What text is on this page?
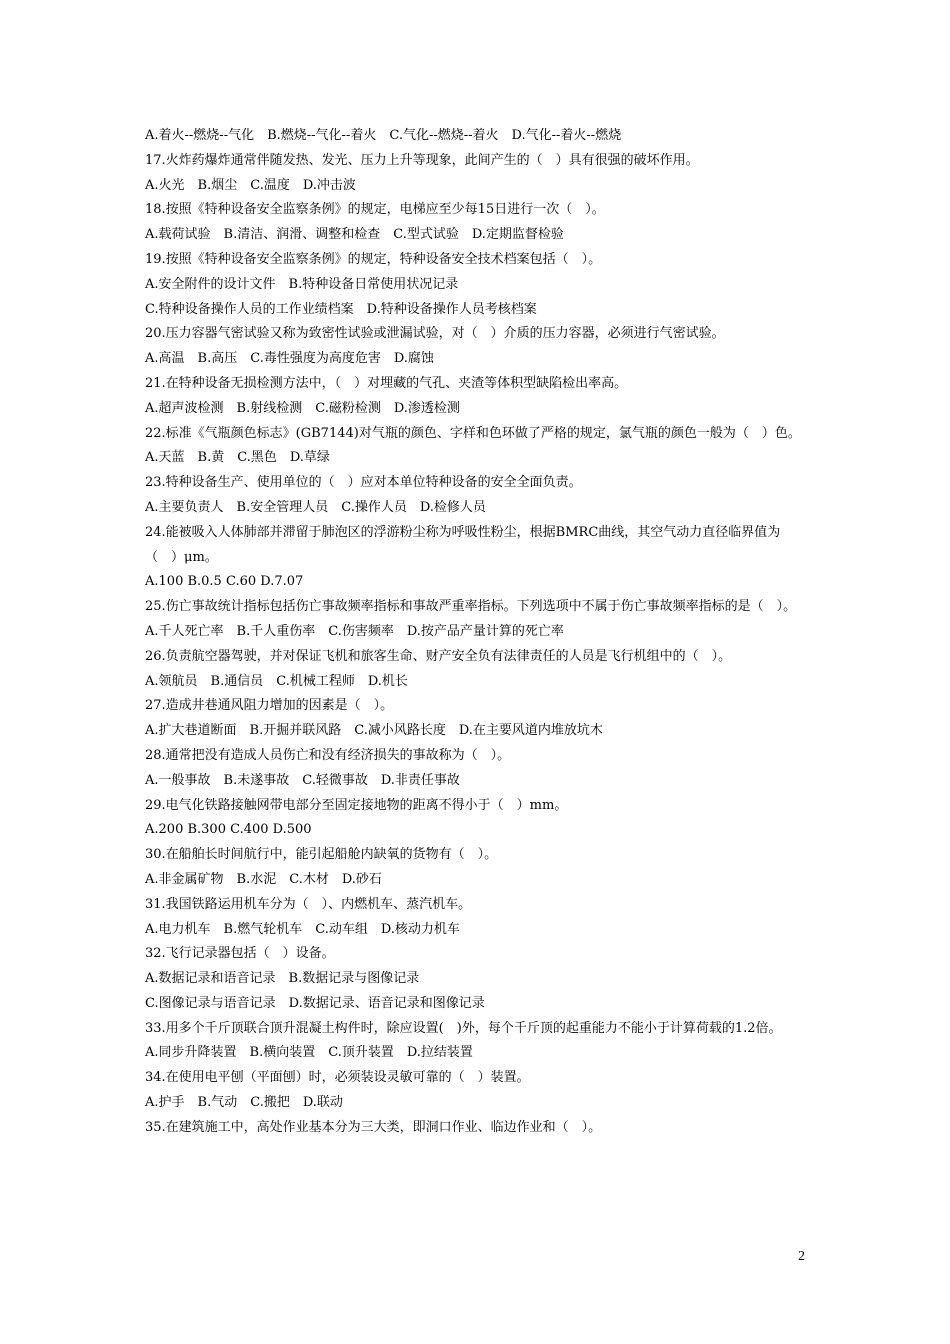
A.着火--燃烧--气化　B.燃烧--气化--着火　C.气化--燃烧--着火　D.气化--着火--燃烧
17.火炸药爆炸通常伴随发热、发光、压力上升等现象，此间产生的（　）具有很强的破坏作用。
A.火光　B.烟尘　C.温度　D.冲击波
18.按照《特种设备安全监察条例》的规定，电梯应至少每15日进行一次（　）。
A.载荷试验　B.清洁、润滑、调整和检查　C.型式试验　D.定期监督检验
19.按照《特种设备安全监察条例》的规定，特种设备安全技术档案包括（　）。
A.安全附件的设计文件　B.特种设备日常使用状况记录
C.特种设备操作人员的工作业绩档案　D.特种设备操作人员考核档案
20.压力容器气密试验又称为致密性试验或泄漏试验，对（　）介质的压力容器，必须进行气密试验。
A.高温　B.高压　C.毒性强度为高度危害　D.腐蚀
21.在特种设备无损检测方法中，（　）对埋藏的气孔、夹渣等体积型缺陷检出率高。
A.超声波检测　B.射线检测　C.磁粉检测　D.渗透检测
22.标准《气瓶颜色标志》(GB7144)对气瓶的颜色、字样和色环做了严格的规定，氯气瓶的颜色一般为（　）色。
A.天蓝　B.黄　C.黑色　D.草绿
23.特种设备生产、使用单位的（　）应对本单位特种设备的安全全面负责。
A.主要负责人　B.安全管理人员　C.操作人员　D.检修人员
24.能被吸入人体肺部并滞留于肺泡区的浮游粉尘称为呼吸性粉尘，根据BMRC曲线，其空气动力直径临界值为（　）μm。
A.100 B.0.5 C.60 D.7.07
25.伤亡事故统计指标包括伤亡事故频率指标和事故严重率指标。下列选项中不属于伤亡事故频率指标的是（　）。
A.千人死亡率　B.千人重伤率　C.伤害频率　D.按产品产量计算的死亡率
26.负责航空器驾驶，并对保证飞机和旅客生命、财产安全负有法律责任的人员是飞行机组中的（　）。
A.领航员　B.通信员　C.机械工程师　D.机长
27.造成井巷通风阻力增加的因素是（　）。
A.扩大巷道断面　B.开掘并联风路　C.减小风路长度　D.在主要风道内堆放坑木
28.通常把没有造成人员伤亡和没有经济损失的事故称为（　）。
A.一般事故　B.未遂事故　C.轻微事故　D.非责任事故
29.电气化铁路接触网带电部分至固定接地物的距离不得小于（　）mm。
A.200 B.300 C.400 D.500
30.在船舶长时间航行中，能引起船舱内缺氧的货物有（　）。
A.非金属矿物　B.水泥　C.木材　D.砂石
31.我国铁路运用机车分为（　）、内燃机车、蒸汽机车。
A.电力机车　B.燃气轮机车　C.动车组　D.核动力机车
32.飞行记录器包括（　）设备。
A.数据记录和语音记录　B.数据记录与图像记录
C.图像记录与语音记录　D.数据记录、语音记录和图像记录
33.用多个千斤顶联合顶升混凝土构件时，除应设置(　)外，每个千斤顶的起重能力不能小于计算荷载的1.2倍。
A.同步升降装置　B.横向装置　C.顶升装置　D.拉结装置
34.在使用电平刨（平面刨）时，必须装设灵敏可靠的（　）装置。
A.护手　B.气动　C.搬把　D.联动
35.在建筑施工中，高处作业基本分为三大类，即洞口作业、临边作业和（　）。
2
